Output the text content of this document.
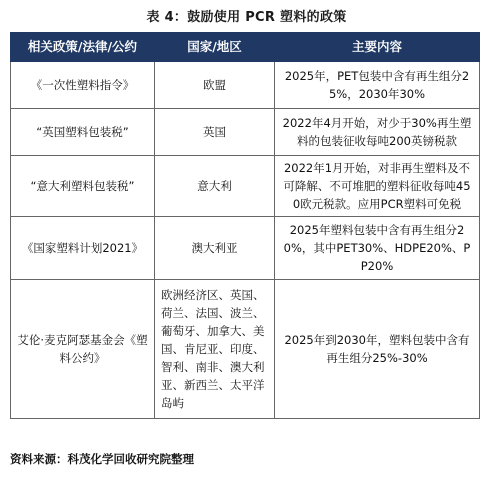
表 4：鼓励使用 PCR 塑料的政策
相关政策/法律/公约	国家/地区	主要内容
《一次性塑料指令》	欧盟	2025年，PET包装中含有再生组分25%，2030年30%
“英国塑料包装税”	英国	2022年4月开始，对少于30%再生塑料的包装征收每吨200英镑税款
“意大利塑料包装税”	意大利	2022年1月开始，对非再生塑料及不可降解、不可堆肥的塑料征收每吨450欧元税款。应用PCR塑料可免税
《国家塑料计划2021》	澳大利亚	2025年塑料包装中含有再生组分20%，其中PET30%、HDPE20%、PP20%
艾伦·麦克阿瑟基金会《塑料公约》	欧洲经济区、英国、荷兰、法国、波兰、葡萄牙、加拿大、美国、肯尼亚、印度、智利、南非、澳大利亚、新西兰、太平洋岛屿	2025年到2030年，塑料包装中含有再生组分25%-30%
资料来源：科茂化学回收研究院整理
